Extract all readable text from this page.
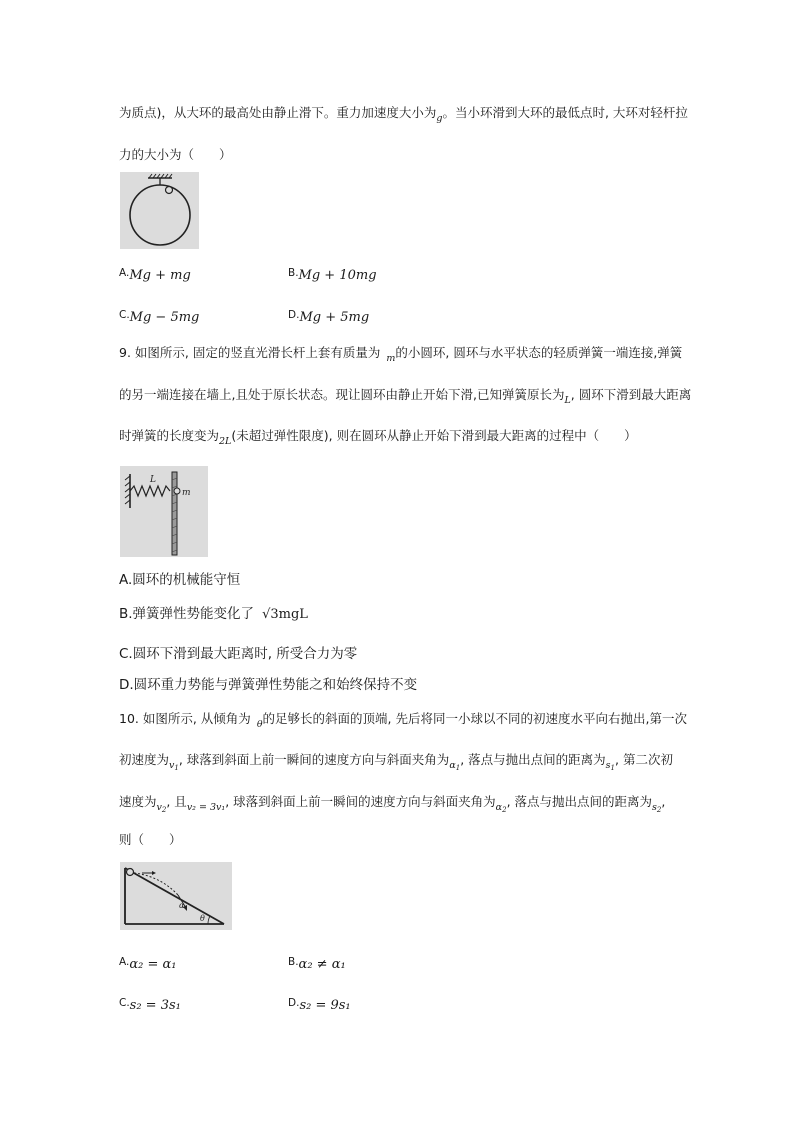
为质点)，从大环的最高处由静止滑下。重力加速度大小为$_g$。当小环滑到大环的最低点时, 大环对轻杆拉
力的大小为（　　）
$^{A.}$Mg + mg	$^{B.}$Mg + 10mg
$^{C.}$Mg − 5mg	$^{D.}$Mg + 5mg
9. 如图所示, 固定的竖直光滑长杆上套有质量为 $_m$的小圆环, 圆环与水平状态的轻质弹簧一端连接,弹簧
的另一端连接在墙上,且处于原长状态。现让圆环由静止开始下滑,已知弹簧原长为$_L$, 圆环下滑到最大距离
时弹簧的长度变为$_{2L}$(未超过弹性限度), 则在圆环从静止开始下滑到最大距离的过程中（　　）
L
m
A.圆环的机械能守恒
B.弹簧弹性势能变化了 √3mgL
C.圆环下滑到最大距离时, 所受合力为零
D.圆环重力势能与弹簧弹性势能之和始终保持不变
10. 如图所示, 从倾角为 $_\theta$的足够长的斜面的顶端, 先后将同一小球以不同的初速度水平向右抛出,第一次
初速度为$_{v1}$, 球落到斜面上前一瞬间的速度方向与斜面夹角为$_{\alpha 1}$, 落点与抛出点间的距离为$_{s1}$, 第二次初
速度为$_{v2}$, 且$_{v_2 = 3v_1}$, 球落到斜面上前一瞬间的速度方向与斜面夹角为$_{\alpha 2}$, 落点与抛出点间的距离为$_{s2}$,
则（　　）
α
θ
$^{A.}$α₂ = α₁	$^{B.}$α₂ ≠ α₁
$^{C.}$s₂ = 3s₁	$^{D.}$s₂ = 9s₁
